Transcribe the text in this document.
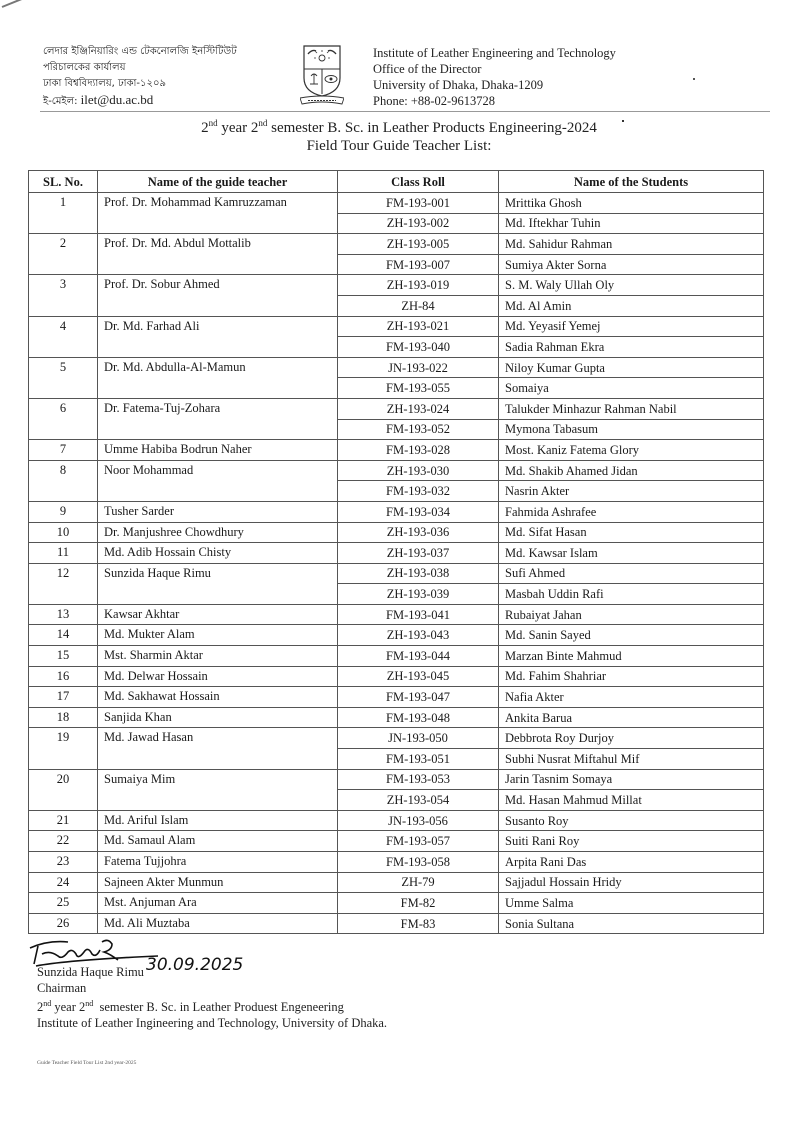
লেদার ইঞ্জিনিয়ারিং এন্ড টেকনোলজি ইনস্টিটিউট
পরিচালকের কার্যালয়
ঢাকা বিশ্ববিদ্যালয়, ঢাকা-১২০৯
ই-মেইল: ilet@du.ac.bd
Institute of Leather Engineering and Technology
Office of the Director
University of Dhaka, Dhaka-1209
Phone: +88-02-9613728
2nd year 2nd semester B. Sc. in Leather Products Engineering-2024
Field Tour Guide Teacher List:
SL. No.	Name of the guide teacher	Class Roll	Name of the Students
1	Prof. Dr. Mohammad Kamruzzaman	FM-193-001	Mrittika Ghosh
		ZH-193-002	Md. Iftekhar Tuhin
2	Prof. Dr. Md. Abdul Mottalib	ZH-193-005	Md. Sahidur Rahman
		FM-193-007	Sumiya Akter Sorna
3	Prof. Dr. Sobur Ahmed	ZH-193-019	S. M. Waly Ullah Oly
		ZH-84	Md. Al Amin
4	Dr. Md. Farhad Ali	ZH-193-021	Md. Yeyasif Yemej
		FM-193-040	Sadia Rahman Ekra
5	Dr. Md. Abdulla-Al-Mamun	JN-193-022	Niloy Kumar Gupta
		FM-193-055	Somaiya
6	Dr. Fatema-Tuj-Zohara	ZH-193-024	Talukder Minhazur Rahman Nabil
		FM-193-052	Mymona Tabasum
7	Umme Habiba Bodrun Naher	FM-193-028	Most. Kaniz Fatema Glory
8	Noor Mohammad	ZH-193-030	Md. Shakib Ahamed Jidan
		FM-193-032	Nasrin Akter
9	Tusher Sarder	FM-193-034	Fahmida Ashrafee
10	Dr. Manjushree Chowdhury	ZH-193-036	Md. Sifat Hasan
11	Md. Adib Hossain Chisty	ZH-193-037	Md. Kawsar Islam
12	Sunzida Haque Rimu	ZH-193-038	Sufi Ahmed
		ZH-193-039	Masbah Uddin Rafi
13	Kawsar Akhtar	FM-193-041	Rubaiyat Jahan
14	Md. Mukter Alam	ZH-193-043	Md. Sanin Sayed
15	Mst. Sharmin Aktar	FM-193-044	Marzan Binte Mahmud
16	Md. Delwar Hossain	ZH-193-045	Md. Fahim Shahriar
17	Md. Sakhawat Hossain	FM-193-047	Nafia Akter
18	Sanjida Khan	FM-193-048	Ankita Barua
19	Md. Jawad Hasan	JN-193-050	Debbrota Roy Durjoy
		FM-193-051	Subhi Nusrat Miftahul Mif
20	Sumaiya Mim	FM-193-053	Jarin Tasnim Somaya
		ZH-193-054	Md. Hasan Mahmud Millat
21	Md. Ariful Islam	JN-193-056	Susanto Roy
22	Md. Samaul Alam	FM-193-057	Suiti Rani Roy
23	Fatema Tujjohra	FM-193-058	Arpita Rani Das
24	Sajneen Akter Munmun	ZH-79	Sajjadul Hossain Hridy
25	Mst. Anjuman Ara	FM-82	Umme Salma
26	Md. Ali Muztaba	FM-83	Sonia Sultana
30.09.2025
Sunzida Haque Rimu
Chairman
2nd year 2nd  semester B. Sc. in Leather Produest Engeneering
Institute of Leather Ingineering and Technology, University of Dhaka.
Guide Teacher Field Tour List 2nd year-2025
